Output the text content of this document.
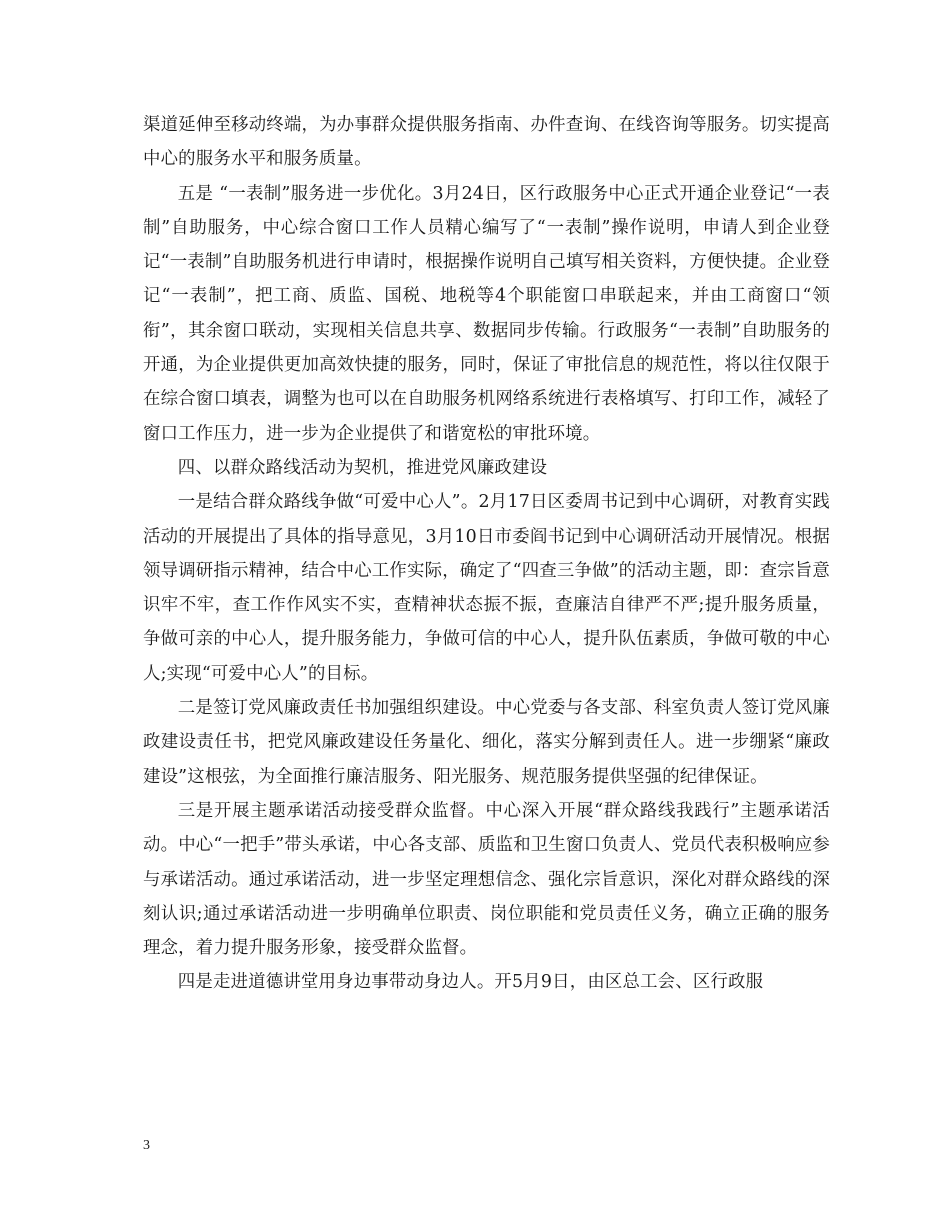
渠道延伸至移动终端，为办事群众提供服务指南、办件查询、在线咨询等服务。切实提高中心的服务水平和服务质量。

五是 “一表制”服务进一步优化。3月24日，区行政服务中心正式开通企业登记“一表制”自助服务，中心综合窗口工作人员精心编写了“一表制”操作说明，申请人到企业登记“一表制”自助服务机进行申请时，根据操作说明自己填写相关资料，方便快捷。企业登记“一表制”，把工商、质监、国税、地税等4个职能窗口串联起来，并由工商窗口“领衔”，其余窗口联动，实现相关信息共享、数据同步传输。行政服务“一表制”自助服务的开通，为企业提供更加高效快捷的服务，同时，保证了审批信息的规范性，将以往仅限于在综合窗口填表，调整为也可以在自助服务机网络系统进行表格填写、打印工作，减轻了窗口工作压力，进一步为企业提供了和谐宽松的审批环境。

四、以群众路线活动为契机，推进党风廉政建设

一是结合群众路线争做“可爱中心人”。2月17日区委周书记到中心调研，对教育实践活动的开展提出了具体的指导意见，3月10日市委阎书记到中心调研活动开展情况。根据领导调研指示精神，结合中心工作实际，确定了“四查三争做”的活动主题，即：查宗旨意识牢不牢，查工作作风实不实，查精神状态振不振，查廉洁自律严不严;提升服务质量，争做可亲的中心人，提升服务能力，争做可信的中心人，提升队伍素质，争做可敬的中心人;实现“可爱中心人”的目标。

二是签订党风廉政责任书加强组织建设。中心党委与各支部、科室负责人签订党风廉政建设责任书，把党风廉政建设任务量化、细化，落实分解到责任人。进一步绷紧“廉政建设”这根弦，为全面推行廉洁服务、阳光服务、规范服务提供坚强的纪律保证。

三是开展主题承诺活动接受群众监督。中心深入开展“群众路线我践行”主题承诺活动。中心“一把手”带头承诺，中心各支部、质监和卫生窗口负责人、党员代表积极响应参与承诺活动。通过承诺活动，进一步坚定理想信念、强化宗旨意识，深化对群众路线的深刻认识;通过承诺活动进一步明确单位职责、岗位职能和党员责任义务，确立正确的服务理念，着力提升服务形象，接受群众监督。

四是走进道德讲堂用身边事带动身边人。开5月9日，由区总工会、区行政服

3
